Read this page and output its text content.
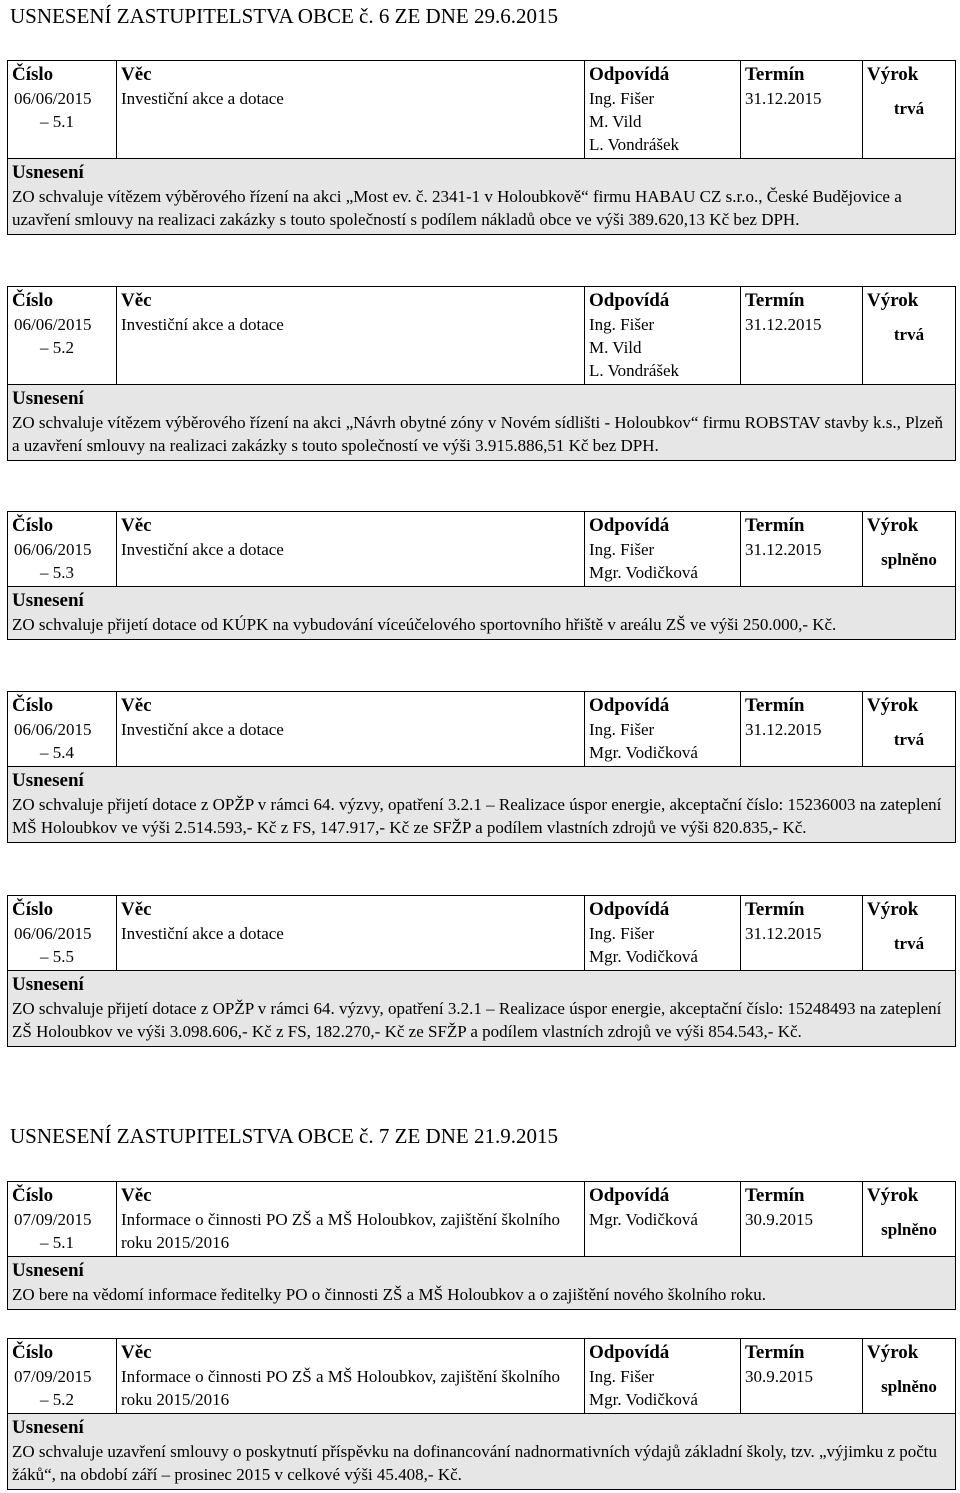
USNESENÍ ZASTUPITELSTVA OBCE č. 6 ZE DNE 29.6.2015
USNESENÍ ZASTUPITELSTVA OBCE č. 7 ZE DNE 21.9.2015
Číslo
06/06/2015
– 5.1
Věc
Investiční akce a dotace
Odpovídá
Ing. Fišer
M. Vild
L. Vondrášek
Termín
31.12.2015
Výrok
trvá
Usnesení
ZO schvaluje vítězem výběrového řízení na akci „Most ev. č. 2341-1 v Holoubkově“ firmu HABAU CZ s.r.o., České Budějovice a uzavření smlouvy na realizaci zakázky s touto společností s podílem nákladů obce ve výši 389.620,13 Kč bez DPH.
Číslo
06/06/2015
– 5.2
Věc
Investiční akce a dotace
Odpovídá
Ing. Fišer
M. Vild
L. Vondrášek
Termín
31.12.2015
Výrok
trvá
Usnesení
ZO schvaluje vítězem výběrového řízení na akci „Návrh obytné zóny v Novém sídlišti - Holoubkov“ firmu ROBSTAV stavby k.s., Plzeň a uzavření smlouvy na realizaci zakázky s touto společností ve výši 3.915.886,51 Kč bez DPH.
Číslo
06/06/2015
– 5.3
Věc
Investiční akce a dotace
Odpovídá
Ing. Fišer
Mgr. Vodičková
Termín
31.12.2015
Výrok
splněno
Usnesení
ZO schvaluje přijetí dotace od KÚPK na vybudování víceúčelového sportovního hřiště v areálu ZŠ ve výši 250.000,- Kč.
Číslo
06/06/2015
– 5.4
Věc
Investiční akce a dotace
Odpovídá
Ing. Fišer
Mgr. Vodičková
Termín
31.12.2015
Výrok
trvá
Usnesení
ZO schvaluje přijetí dotace z OPŽP v rámci 64. výzvy, opatření 3.2.1 – Realizace úspor energie, akceptační číslo: 15236003 na zateplení MŠ Holoubkov ve výši 2.514.593,- Kč z FS, 147.917,- Kč ze SFŽP a podílem vlastních zdrojů ve výši 820.835,- Kč.
Číslo
06/06/2015
– 5.5
Věc
Investiční akce a dotace
Odpovídá
Ing. Fišer
Mgr. Vodičková
Termín
31.12.2015
Výrok
trvá
Usnesení
ZO schvaluje přijetí dotace z OPŽP v rámci 64. výzvy, opatření 3.2.1 – Realizace úspor energie, akceptační číslo: 15248493 na zateplení ZŠ Holoubkov ve výši 3.098.606,- Kč z FS, 182.270,- Kč ze SFŽP a podílem vlastních zdrojů ve výši 854.543,- Kč.
Číslo
07/09/2015
– 5.1
Věc
Informace o činnosti PO ZŠ a MŠ Holoubkov, zajištění školního roku 2015/2016
Odpovídá
Mgr. Vodičková
Termín
30.9.2015
Výrok
splněno
Usnesení
ZO bere na vědomí informace ředitelky PO o činnosti ZŠ a MŠ Holoubkov a o zajištění nového školního roku.
Číslo
07/09/2015
– 5.2
Věc
Informace o činnosti PO ZŠ a MŠ Holoubkov, zajištění školního roku 2015/2016
Odpovídá
Ing. Fišer
Mgr. Vodičková
Termín
30.9.2015
Výrok
splněno
Usnesení
ZO schvaluje uzavření smlouvy o poskytnutí příspěvku na dofinancování nadnormativních výdajů základní školy, tzv. „výjimku z počtu žáků“, na období září – prosinec 2015 v celkové výši 45.408,- Kč.
